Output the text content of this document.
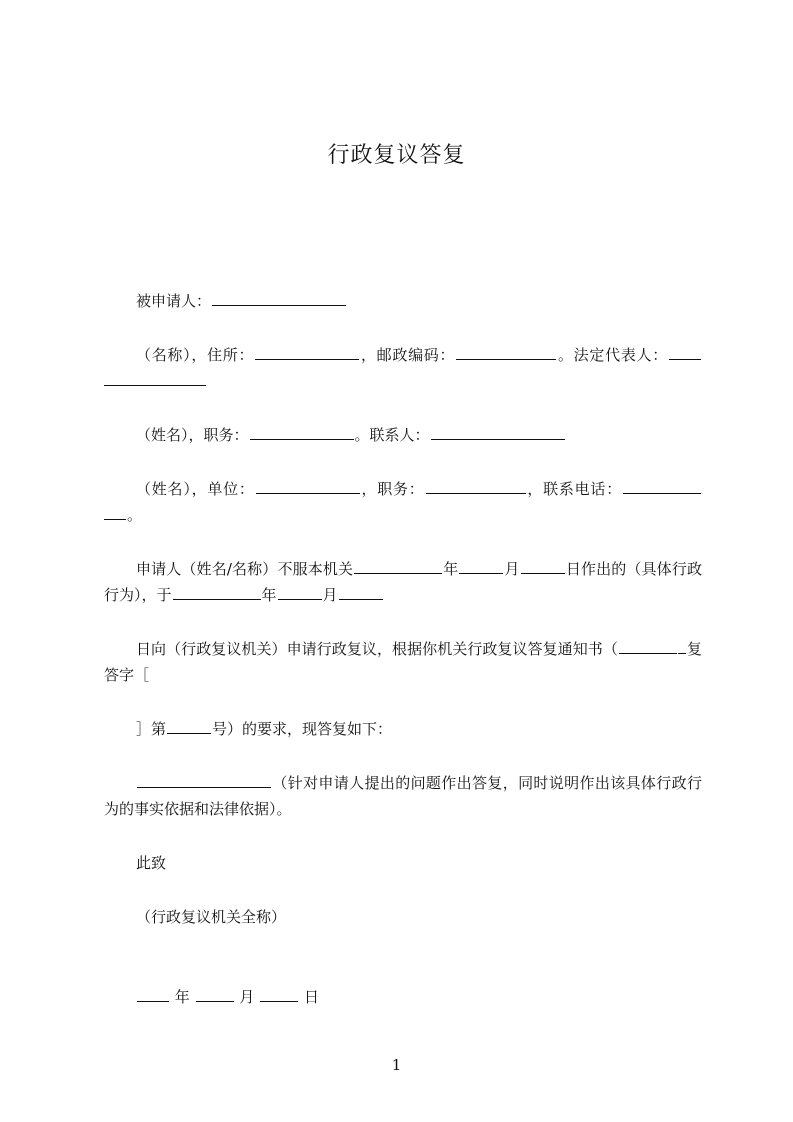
行政复议答复
被申请人：
（名称），住所：	，邮政编码：	。法定代表人：
（姓名），职务：	。联系人：
（姓名），单位：	，职务：	，联系电话：。
申请人（姓名/名称）不服本机关	年	月	日作出的（具体行政行为），于	年	月
日向（行政复议机关）申请行政复议，根据你机关行政复议答复通知书（	复答字［
］第	号）的要求，现答复如下：
（针对申请人提出的问题作出答复，同时说明作出该具体行政行为的事实依据和法律依据）。
此致
（行政复议机关全称）
年	月	日
1
